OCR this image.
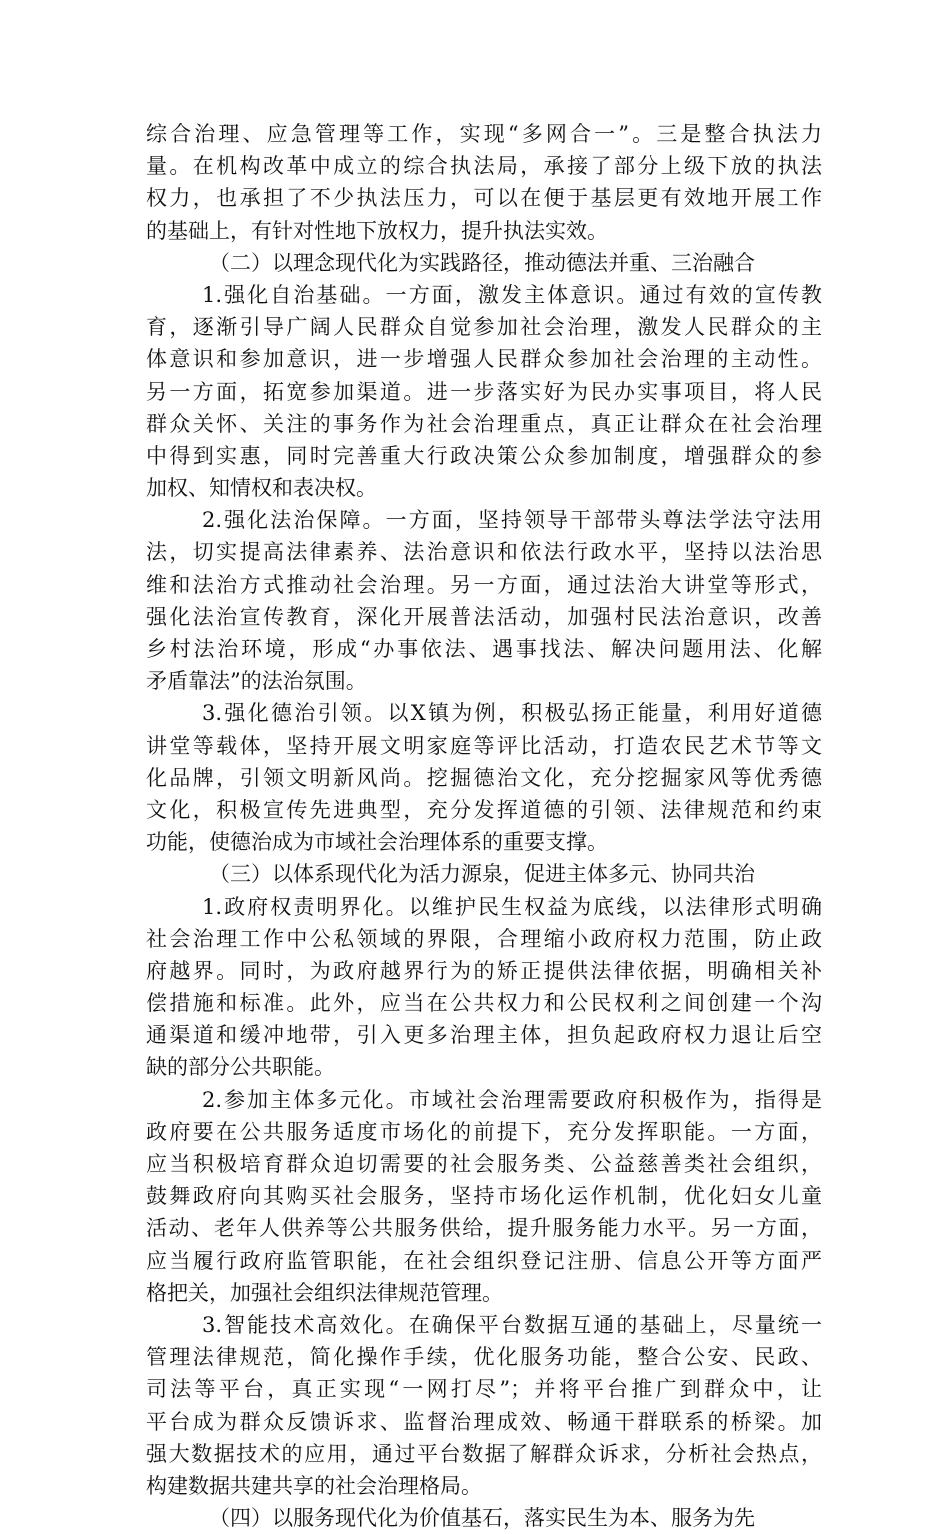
综合治理、应急管理等工作，实现“多网合一”。三是整合执法力
量。在机构改革中成立的综合执法局，承接了部分上级下放的执法
权力，也承担了不少执法压力，可以在便于基层更有效地开展工作
的基础上，有针对性地下放权力，提升执法实效。
（二）以理念现代化为实践路径，推动德法并重、三治融合
1.强化自治基础。一方面，激发主体意识。通过有效的宣传教
育，逐渐引导广阔人民群众自觉参加社会治理，激发人民群众的主
体意识和参加意识，进一步增强人民群众参加社会治理的主动性。
另一方面，拓宽参加渠道。进一步落实好为民办实事项目，将人民
群众关怀、关注的事务作为社会治理重点，真正让群众在社会治理
中得到实惠，同时完善重大行政决策公众参加制度，增强群众的参
加权、知情权和表决权。
2.强化法治保障。一方面，坚持领导干部带头尊法学法守法用
法，切实提高法律素养、法治意识和依法行政水平，坚持以法治思
维和法治方式推动社会治理。另一方面，通过法治大讲堂等形式，
强化法治宣传教育，深化开展普法活动，加强村民法治意识，改善
乡村法治环境，形成“办事依法、遇事找法、解决问题用法、化解
矛盾靠法”的法治氛围。
3.强化德治引领。以X镇为例，积极弘扬正能量，利用好道德
讲堂等载体，坚持开展文明家庭等评比活动，打造农民艺术节等文
化品牌，引领文明新风尚。挖掘德治文化，充分挖掘家风等优秀德
文化，积极宣传先进典型，充分发挥道德的引领、法律规范和约束
功能，使德治成为市域社会治理体系的重要支撑。
（三）以体系现代化为活力源泉，促进主体多元、协同共治
1.政府权责明界化。以维护民生权益为底线，以法律形式明确
社会治理工作中公私领域的界限，合理缩小政府权力范围，防止政
府越界。同时，为政府越界行为的矫正提供法律依据，明确相关补
偿措施和标准。此外，应当在公共权力和公民权利之间创建一个沟
通渠道和缓冲地带，引入更多治理主体，担负起政府权力退让后空
缺的部分公共职能。
2.参加主体多元化。市域社会治理需要政府积极作为，指得是
政府要在公共服务适度市场化的前提下，充分发挥职能。一方面，
应当积极培育群众迫切需要的社会服务类、公益慈善类社会组织，
鼓舞政府向其购买社会服务，坚持市场化运作机制，优化妇女儿童
活动、老年人供养等公共服务供给，提升服务能力水平。另一方面，
应当履行政府监管职能，在社会组织登记注册、信息公开等方面严
格把关，加强社会组织法律规范管理。
3.智能技术高效化。在确保平台数据互通的基础上，尽量统一
管理法律规范，简化操作手续，优化服务功能，整合公安、民政、
司法等平台，真正实现“一网打尽”；并将平台推广到群众中，让
平台成为群众反馈诉求、监督治理成效、畅通干群联系的桥梁。加
强大数据技术的应用，通过平台数据了解群众诉求，分析社会热点，
构建数据共建共享的社会治理格局。
（四）以服务现代化为价值基石，落实民生为本、服务为先
